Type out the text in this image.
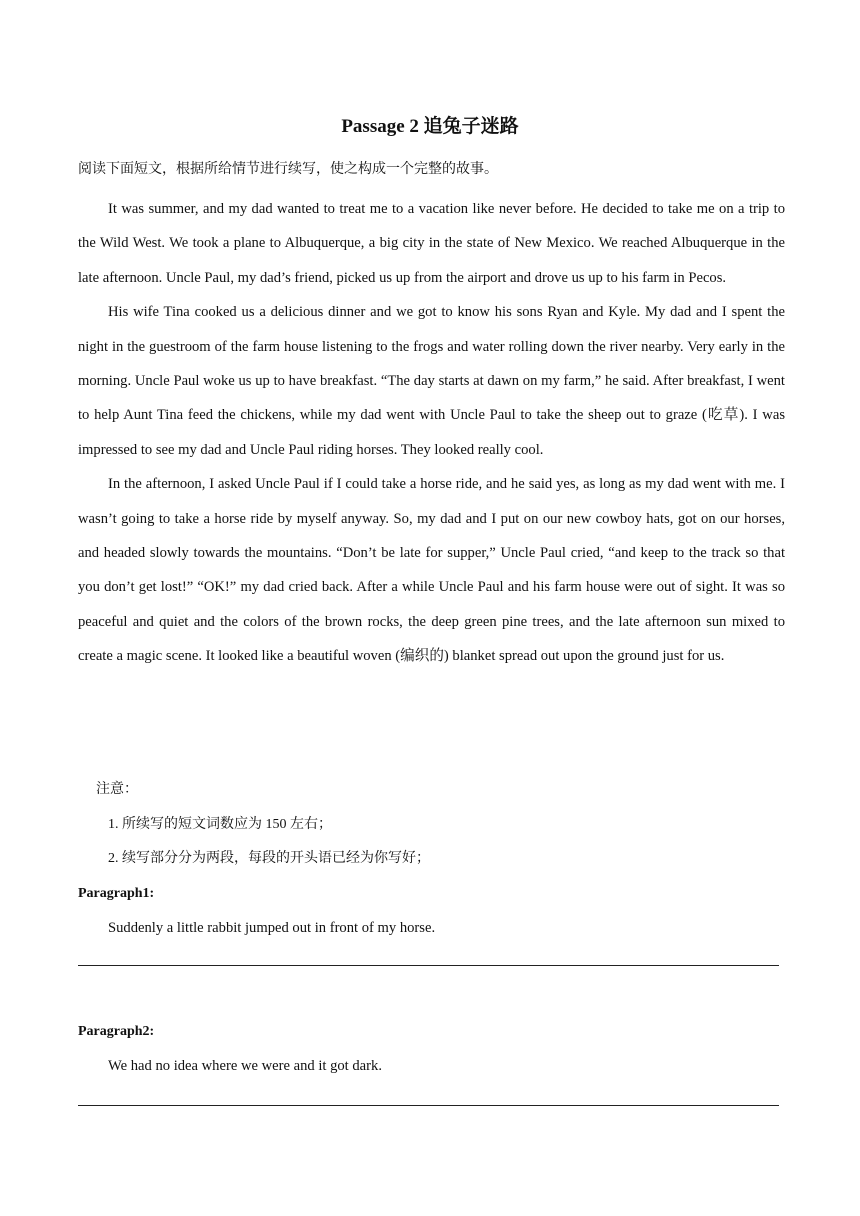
Passage 2 追兔子迷路
阅读下面短文，根据所给情节进行续写，使之构成一个完整的故事。

It was summer, and my dad wanted to treat me to a vacation like never before. He decided to take me on a trip to the Wild West. We took a plane to Albuquerque, a big city in the state of New Mexico. We reached Albuquerque in the late afternoon. Uncle Paul, my dad’s friend, picked us up from the airport and drove us up to his farm in Pecos.

His wife Tina cooked us a delicious dinner and we got to know his sons Ryan and Kyle. My dad and I spent the night in the guestroom of the farm house listening to the frogs and water rolling down the river nearby. Very early in the morning. Uncle Paul woke us up to have breakfast. “The day starts at dawn on my farm,” he said. After breakfast, I went to help Aunt Tina feed the chickens, while my dad went with Uncle Paul to take the sheep out to graze (吃草). I was impressed to see my dad and Uncle Paul riding horses. They looked really cool.

In the afternoon, I asked Uncle Paul if I could take a horse ride, and he said yes, as long as my dad went with me. I wasn’t going to take a horse ride by myself anyway. So, my dad and I put on our new cowboy hats, got on our horses, and headed slowly towards the mountains. “Don’t be late for supper,” Uncle Paul cried, “and keep to the track so that you don’t get lost!” “OK!” my dad cried back. After a while Uncle Paul and his farm house were out of sight. It was so peaceful and quiet and the colors of the brown rocks, the deep green pine trees, and the late afternoon sun mixed to create a magic scene. It looked like a beautiful woven (编织的) blanket spread out upon the ground just for us.

注意：
1. 所续写的短文词数应为 150 左右；
2. 续写部分分为两段，每段的开头语已经为你写好；
Paragraph1:
Suddenly a little rabbit jumped out in front of my horse.
Paragraph2:
We had no idea where we were and it got dark.
